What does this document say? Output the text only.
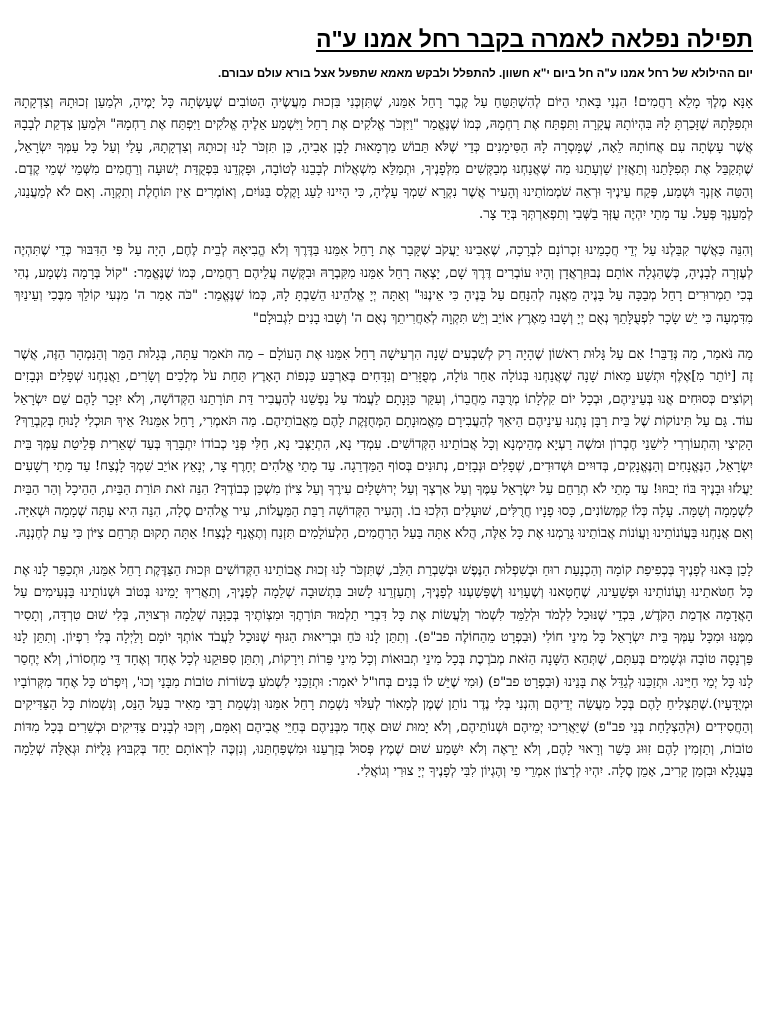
תפילה נפלאה לאמרה בקבר רחל אמנו ע"ה
יום ההילולא של רחל אמנו ע"ה חל ביום י"א חשוון. להתפלל ולבקש מאמא שתפעל אצל בורא עולם עבורם.

אָנָּא מֶלֶךְ מָלֵא רַחֲמִים! הִנְנִי בָּאתִי הַיּוֹם לְהִשְׁתַּטֵּחַ עַל קֶבֶר רָחֵל אִמֵּנוּ, שֶׁתִּזְכְּנִי בִּזְכוּת מַעֲשֶׂיהָ הַטּוֹבִים שֶׁעָשְׂתָה כָּל יָמֶיהָ, וּלְמַעַן זְכוּתָהּ וְצִדְקָתָהּ וּתְפִלָּתָהּ שֶׁזָּכַרְתָּ לָהּ בִּהְיוֹתָהּ עֲקָרָה וַתִּפְתַּח אֶת רַחְמָהּ, כְּמוֹ שֶׁנֶּאֱמַר "וַיִּזְכֹּר אֱלֹקִים אֶת רָחֵל וַיִּשְׁמַע אֵלֶיהָ אֱלֹקִים וַיִּפְתַּח אֶת רַחְמָהּ" וּלְמַעַן צִדְקַת לְבָבָהּ אֲשֶׁר עָשְׂתָה עִם אֲחוֹתָהּ לֵאָה, שֶׁמָּסְרָה לָהּ הַסִּימָנִים כְּדֵי שֶׁלֹּא תֵּבוֹשׁ מַרְמָאוּת לָבָן אָבִיהָ, כֵּן תִּזְכֹּר לָנוּ זְכוּתָהּ וְצִדְקָתָהּ, עָלַי וְעַל כָּל עַמְּךָ יִשְׂרָאֵל, שֶׁתְּקַבֵּל אֶת תְּפִלָּתֵנוּ וְתַאֲזִין שַׁוְעָתֵנוּ מַה שֶּׁאֲנַחְנוּ מְבַקְּשִׁים מִלְּפָנֶיךָ, וּתְמַלֵּא מִשְׁאֲלוֹת לְבָבֵנוּ לְטוֹבָה, וּפָקְדֵנוּ בִּפְקֻדַּת יְשׁוּעָה וְרַחֲמִים מִשְּׁמֵי שְׁמֵי קֶדֶם. וְהַטֵּה אָזְנְךָ וּשְׁמַע, פְּקַח עֵינֶיךָ וּרְאֵה שֹׁמְמוֹתֵינוּ וְהָעִיר אֲשֶׁר נִקְרָא שִׁמְךָ עָלֶיהָ, כִּי הָיִינוּ לַעַג וָקֶלֶס בַּגּוֹיִם, וְאוֹמְרִים אֵין תּוֹחֶלֶת וְתִקְוָה. וְאִם לֹא לְמַעֲנֵנוּ, לְמַעַנְךָ פְּעַל. עַד מָתַי יִהְיֶה עֻזְּךָ בַשְּׁבִי וְתִפְאַרְתְּךָ בְּיַד צָר.

וְהִנֵּה כַּאֲשֶׁר קִבַּלְנוּ עַל יְדֵי חֲכָמֵינוּ זִכְרוֹנָם לִבְרָכָה, שֶׁאָבִינוּ יַעֲקֹב שֶׁקָּבַר אֶת רָחֵל אִמֵּנוּ בַּדֶּרֶךְ וְלֹא הֱבִיאָהּ לְבֵית לֶחֶם, הָיָה עַל פִּי הַדִּבּוּר כְּדֵי שֶׁתִּהְיֶה לְעֶזְרָה לְבָנֶיהָ, כְּשֶׁהִגְלָה אוֹתָם נְבוּזַרְאֲדָן וְהָיוּ עוֹבְרִים דֶּרֶךְ שָׁם, יָצְאָה רָחֵל אִמֵּנוּ מִקִּבְרָהּ וּבִקְּשָׁה עֲלֵיהֶם רַחֲמִים, כְּמוֹ שֶׁנֶּאֱמַר: "קוֹל בְּרָמָה נִשְׁמָע, נְהִי בְּכִי תַמְרוּרִים רָחֵל מְבַכָּה עַל בָּנֶיהָ מֵאֲנָה לְהִנָּחֵם עַל בָּנֶיהָ כִּי אֵינֶנּוּ" וְאַתָּה יְיָ אֱלֹהֵינוּ הֵשַׁבְתָּ לָהּ, כְּמוֹ שֶׁנֶּאֱמַר: "כֹּה אָמַר ה' מִנְעִי קוֹלֵךְ מִבֶּכִי וְעֵינַיִךְ מִדִּמְעָה כִּי יֵשׁ שָׂכָר לִפְעֻלָּתֵךְ נְאֻם יְיָ וְשָׁבוּ מֵאֶרֶץ אוֹיֵב וְיֵשׁ תִּקְוָה לְאַחֲרִיתֵךְ נְאֻם ה' וְשָׁבוּ בָנִים לִגְבוּלָם"

מַה נֹּאמַר, מַה נְּדַבֵּר! אִם עַל גָּלוּת רִאשׁוֹן שֶׁהָיָה רַק לְשִׁבְעִים שָׁנָה הִרְעִישָׁה רָחֵל אִמֵּנוּ אֶת הָעוֹלָם – מַה תֹּאמַר עַתָּה, בְּגָלוּת הַמַּר וְהַנִּמְהָר הַזֶּה, אֲשֶׁר זֶה [יוֹתֵר מִ]אֶלֶף וּתְשַׁע מֵאוֹת שָׁנָה שֶׁאֲנַחְנוּ בְּגוֹלָה אַחַר גּוֹלָה, מְפֻזָּרִים וְנִדָּחִים בְּאַרְבַּע כַּנְפוֹת הָאָרֶץ תַּחַת עֹל מְלָכִים וְשָׂרִים, וַאֲנַחְנוּ שְׁפָלִים וּנְבָזִים וְקוֹצִים כְּסוּחִים אֲנוּ בְּעֵינֵיהֶם, וּבְכָל יוֹם קִלְלָתוֹ מְרֻבָּה מֵחֲבֵרוֹ, וְעִקַּר כַּוָּנָתָם לַעֲמֹד עַל נַפְשֵׁנוּ לְהַעֲבִיר דַּת תּוֹרָתֵנוּ הַקְּדוֹשָׁה, וְלֹא יִזָּכֵר לָהֶם שֵׁם יִשְׂרָאֵל עוֹד. גַּם עַל תִּינוֹקוֹת שֶׁל בֵּית רַבָּן נָתְנוּ עֵינֵיהֶם הֵיאַךְ לְהַעֲבִירָם מֵאֱמוּנָתָם הַמְּחֻזֶּקֶת לָהֶם מֵאֲבוֹתֵיהֶם. מַה תֹּאמְרִי, רָחֵל אִמֵּנוּ? אֵיךְ תּוּכְלִי לָנוּחַ בְּקִבְרֵךְ? הָקִיצִי וְהִתְעוֹרְרִי לִישֵׁנֵי חֶבְרוֹן וּמשֶׁה רַעְיָא מְהֵימְנָא וְכָל אֲבוֹתֵינוּ הַקְּדוֹשִׁים. עִמְדִי נָא, הִתְיַצְּבִי נָא, חַלִּי פְּנֵי כְבוֹדוֹ יִתְבָּרֵךְ בְּעַד שְׁאֵרִית פְּלֵיטַת עַמְּךָ בֵּית יִשְׂרָאֵל, הַנֶּאֱנָחִים וְהַנֶּאֱנָקִים, בְּדוּיִים וּשְׁדוּדִים, שְׁפָלִים וּנְבָזִים, נְתוּנִים בְּסוֹף הַמַּדְרֵגָה. עַד מָתַי אֱלֹהִים יְחָרֶף צָר, יְנָאֵץ אוֹיֵב שִׁמְךָ לָנֶצַח! עַד מָתַי רְשָׁעִים יַעֲלֹזוּ וּבָנֶיךָ בּוֹז יָבוּזוּ! עַד מָתַי לֹא תְרַחֵם עַל יִשְׂרָאֵל עַמֶּךָ וְעַל אַרְצְךָ וְעַל יְרוּשָׁלַיִם עִירֶךָ וְעַל צִיּוֹן מִשְׁכַּן כְּבוֹדֶךָ? הִנֵּה זֹאת תּוֹרַת הַבַּיִת, הַהֵיכָל וְהַר הַבַּיִת לִשְׁמָמָה וְשַׁמָּה. עָלָה כְּלוֹ קִמְּשׂוֹנִים, כָּסוּ פָנָיו חֲרֻלִּים, שׁוּעָלִים הִלְּכוּ בוֹ. וְהָעִיר הַקְּדוֹשָׁה רַבַּת הַמַּעֲלוֹת, עִיר אֱלֹהִים סֶלָה, הִנֵּה הִיא עַתָּה שְׁמָמָה וּשְׁאִיָּה. וְאִם אֲנַחְנוּ בַּעֲוֹנוֹתֵינוּ וַעֲוֹנוֹת אֲבוֹתֵינוּ גָּרַמְנוּ אֶת כָּל אֵלֶּה, הֲלֹא אַתָּה בַּעַל הָרַחֲמִים, הַלְעוֹלָמִים תִּזְנַח וְתֶאֱנַף לָנֶצַח! אַתָּה תָקוּם תְּרַחֵם צִיּוֹן כִּי עֵת לְחֶנְנָהּ.

לָכֵן בָּאנוּ לְפָנֶיךָ בְּכְפִיפַת קוֹמָה וְהַכְנָעַת רוּחַ וּבְשִׁפְלוּת הַנֶּפֶשׁ וּבְשִׁבְרַת הַלֵּב, שֶׁתִּזְכֹּר לָנוּ זְכוּת אֲבוֹתֵינוּ הַקְּדוֹשִׁים וּזְכוּת הַצַּדֶּקֶת רָחֵל אִמֵּנוּ, וּתְכַפֵּר לָנוּ אֶת כָּל חַטֹּאתֵינוּ וַעֲוֹנוֹתֵינוּ וּפְשָׁעֵינוּ, שֶׁחָטָאנוּ וְשֶׁעָוִינוּ וְשֶׁפָּשַׁעְנוּ לְפָנֶיךָ, וְתַעַזְרֵנוּ לָשׁוּב בִּתְשׁוּבָה שְׁלֵמָה לְפָנֶיךָ, וְתַאֲרִיךְ יָמֵינוּ בְּטוֹב וּשְׁנוֹתֵינוּ בַּנְּעִימִים עַל הָאֲדָמָה אַדְמַת הַקֹּדֶשׁ, בִּכְדֵי שֶׁנּוּכַל לִלְמֹד וּלְלַמֵּד לִשְׁמֹר וְלַעֲשׂוֹת אֶת כָּל דִּבְרֵי תַלְמוּד תּוֹרָתֶךָ וּמִצְוֹתֶיךָ בְּכַוָּנָה שְׁלֵמָה וּרְצוּיָה, בְּלִי שׁוּם טִרְדָּה, וְתָסִיר מִמֶּנּוּ וּמִכָּל עַמְּךָ בֵּית יִשְׂרָאֵל כָּל מִינֵי חוֹלִי (וּבִפְרָט מֵהַחוֹלֶה פב"פ). וְתִתֵּן לָנוּ כֹּחַ וּבְרִיאוּת הַגּוּף שֶׁנּוּכַל לַעֲבֹד אוֹתְךָ יוֹמָם וָלַיְלָה בְּלִי רִפְיוֹן. וְתִתֵּן לָנוּ פַּרְנָסָה טוֹבָה וּגְשָׁמִים בְּעִתָּם, שֶׁתְּהֵא הַשָּׁנָה הַזֹּאת מְבֹרֶכֶת בְּכָל מִינֵי תְבוּאוֹת וְכָל מִינֵי פֵּרוֹת וִירָקוֹת, וְתִתֵּן סִפּוּקֵנוּ לְכָל אֶחָד וְאֶחָד דֵּי מַחְסוֹרוֹ, וְלֹא יֶחְסַר לָנוּ כָּל יְמֵי חַיֵּינוּ. וּתְזַכֵּנוּ לְגַדֵּל אֶת בָּנֵינוּ (וּבִפְרָט פב"פ) (וּמִי שֶׁיֵּשׁ לוֹ בָּנִים בְּחו"ל יֹאמַר: וּתְזַכֵּנִי לִשְׁמֹעַ בְּשׂוֹרוֹת טוֹבוֹת מִבָּנַי וְכוּ', וְיִפְרֹט כָּל אֶחָד מִקְּרוֹבָיו וּמְיֻדָּעָיו).שֶׁתַּצְלִיחַ לָהֶם בְּכָל מַעֲשֵׂה יְדֵיהֶם וְהִנְנִי בְּלִי נֶדֶר נוֹתֵן שֶׁמֶן לְמָאוֹר לְעִלּוּי נִשְׁמַת רָחֵל אִמֵּנוּ וְנִשְׁמַת רַבִּי מֵאִיר בַּעַל הַנֵּס, וְנִשְׁמוֹת כָּל הַצַּדִּיקִים וְהַחֲסִידִים (וּלְהַצְלָחַת בְּנֵי פב"פ) שֶׁיַּאֲרִיכוּ יְמֵיהֶם וּשְׁנוֹתֵיהֶם, וְלֹא יָמוּת שׁוּם אֶחָד מִבְּנֵיהֶם בְּחַיֵּי אֲבִיהֶם וְאִמָּם, וְיִזְכּוּ לְבָנִים צַדִּיקִים וּכְשֵׁרִים בְּכָל מִדּוֹת טוֹבוֹת, וְתַזְמִין לָהֶם זִוּוּג כָּשֵׁר וְרָאוּי לָהֶם, וְלֹא יֵרָאֶה וְלֹא יִשָּׁמַע שׁוּם שֶׁמֶץ פְּסוּל בְּזַרְעֵנוּ וּמִשְׁפַּחְתֵּנוּ, וְנִזְכֶּה לִרְאוֹתָם יַחַד בְּקִבּוּץ גָּלֻיּוֹת וּגְאֻלָּה שְׁלֵמָה בַּעֲגָלָא וּבִזְמַן קָרִיב, אָמֵן סֶלָה. יִהְיוּ לְרָצוֹן אִמְרֵי פִי וְהֶגְיוֹן לִבִּי לְפָנֶיךָ יְיָ צוּרִי וְגוֹאֲלִי.
